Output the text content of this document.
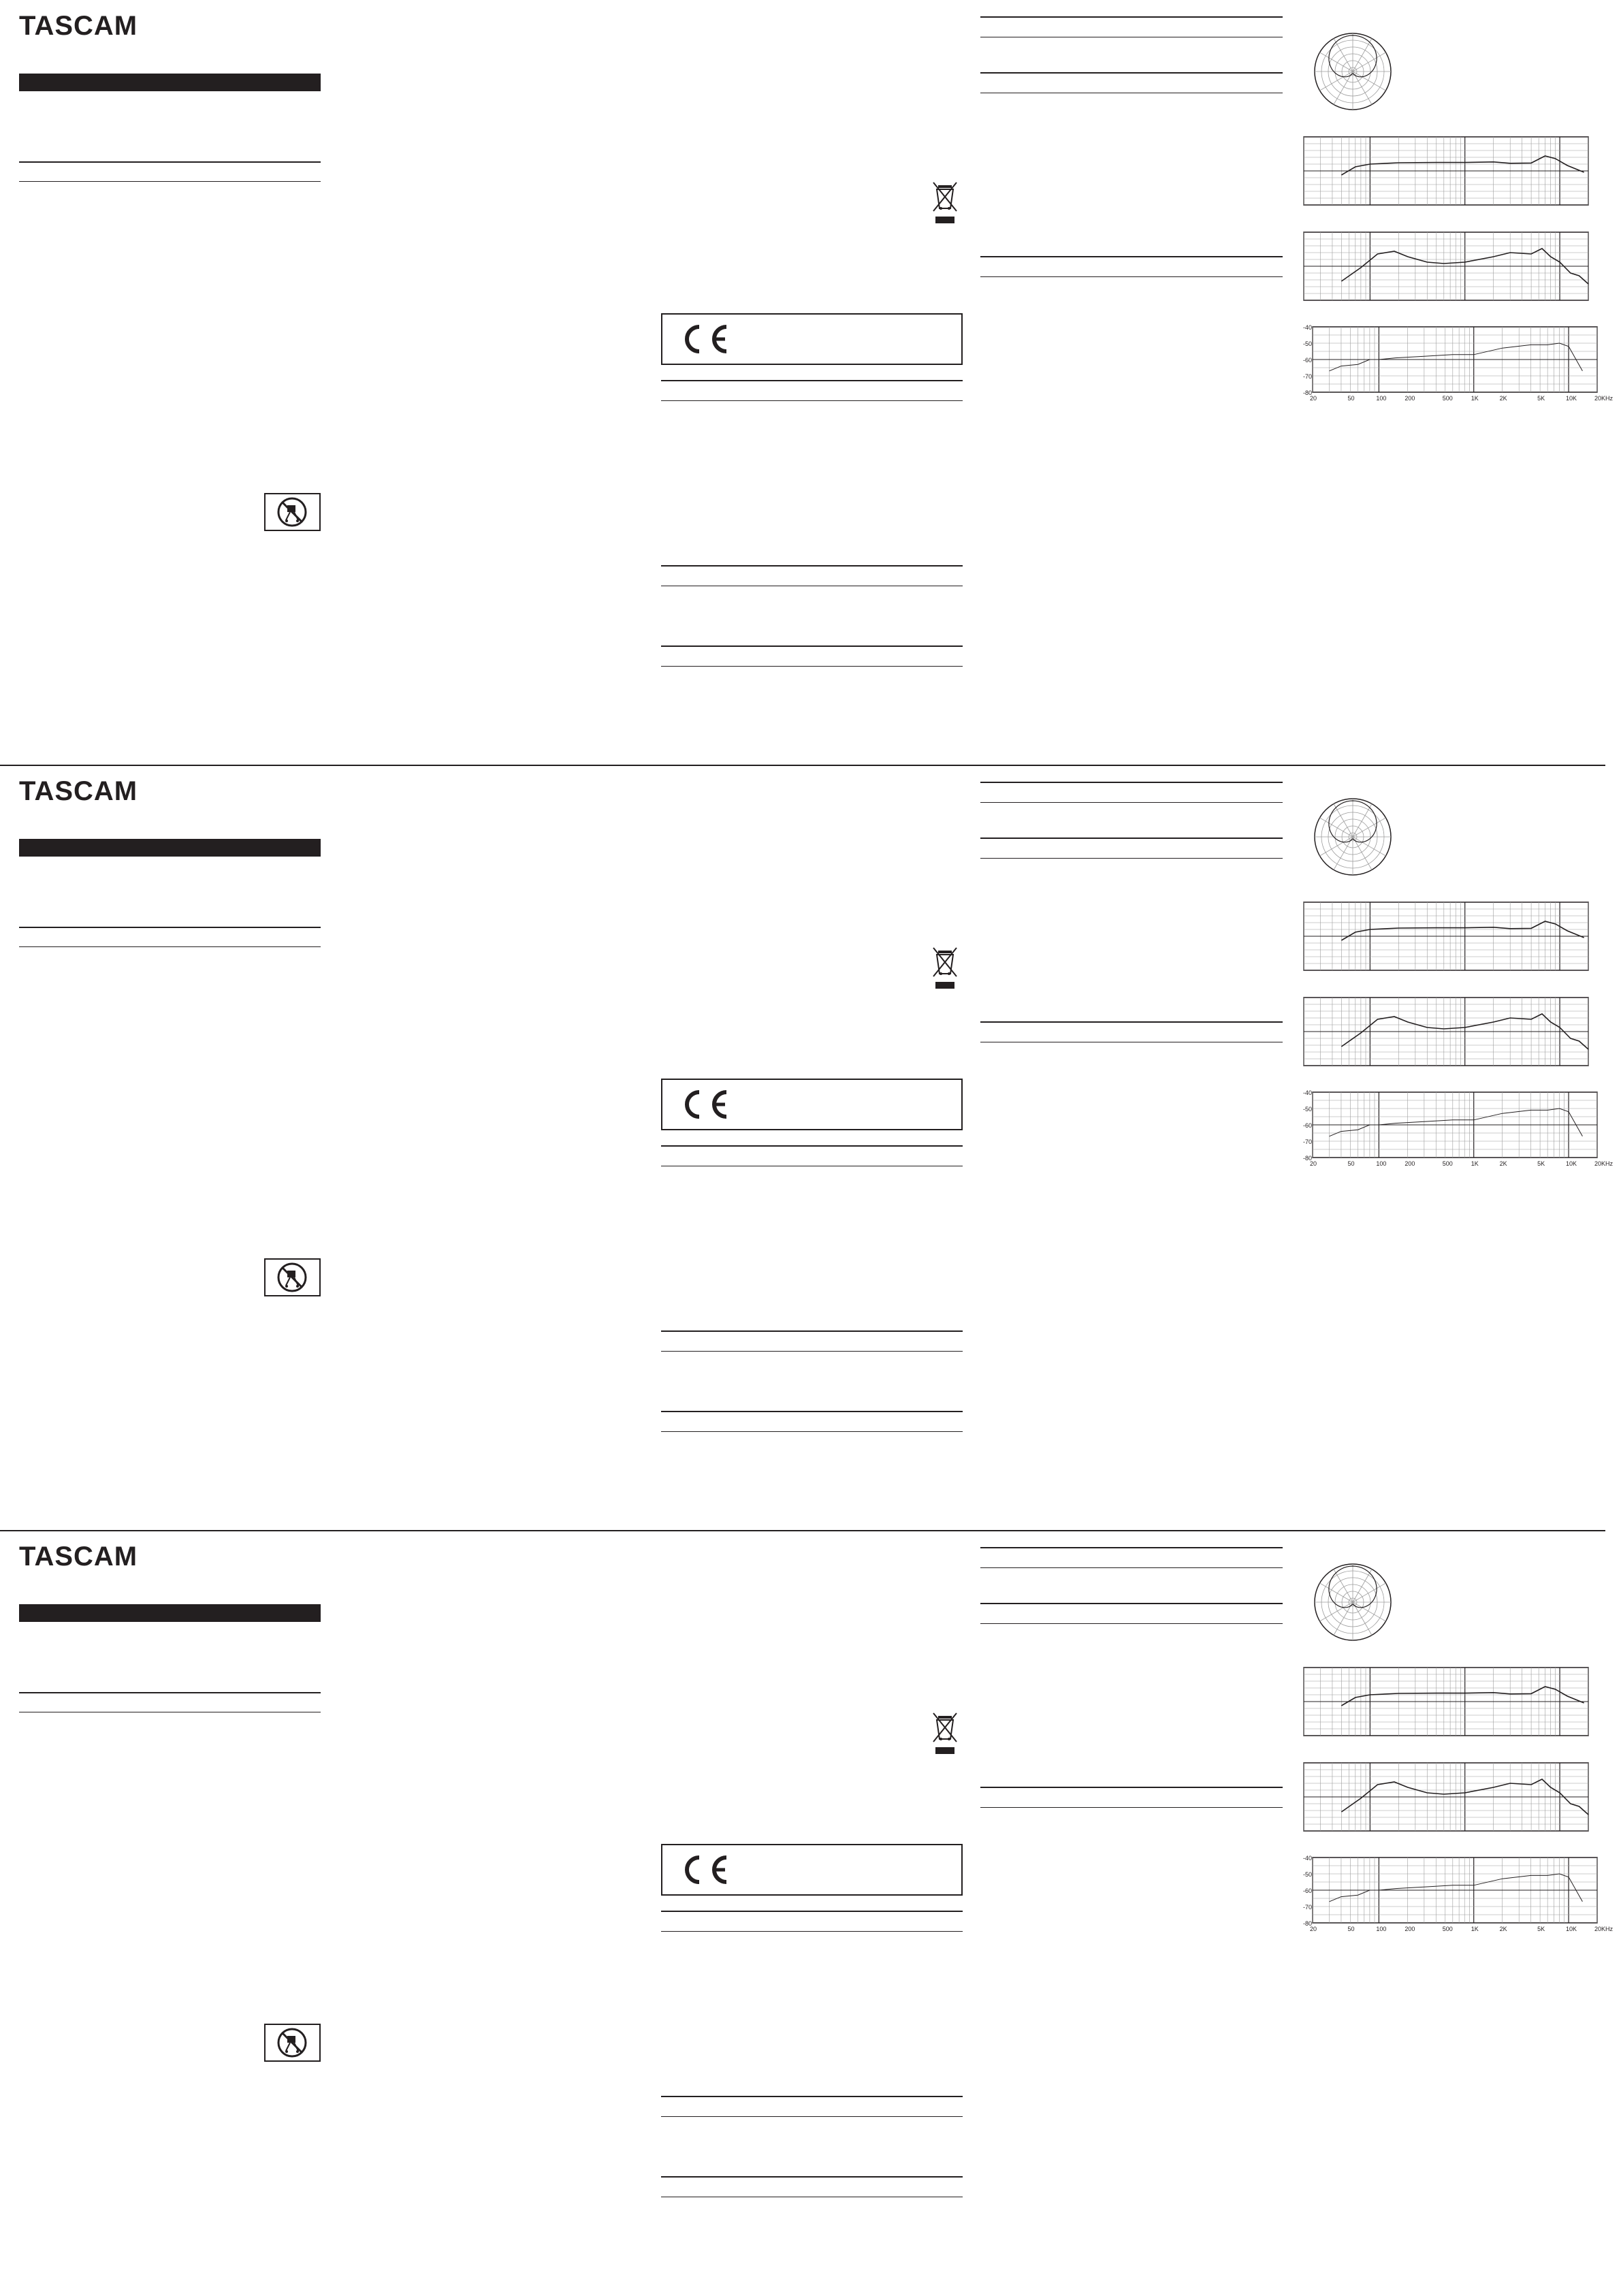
TASCAM
-40
-50
-60
-70
-80
20	50	100	200	500	1K	2K	5K	10K	20KHz
TASCAM
-40
-50
-60
-70
-80
20	50	100	200	500	1K	2K	5K	10K	20KHz
TASCAM
-40
-50
-60
-70
-80
20	50	100	200	500	1K	2K	5K	10K	20KHz
